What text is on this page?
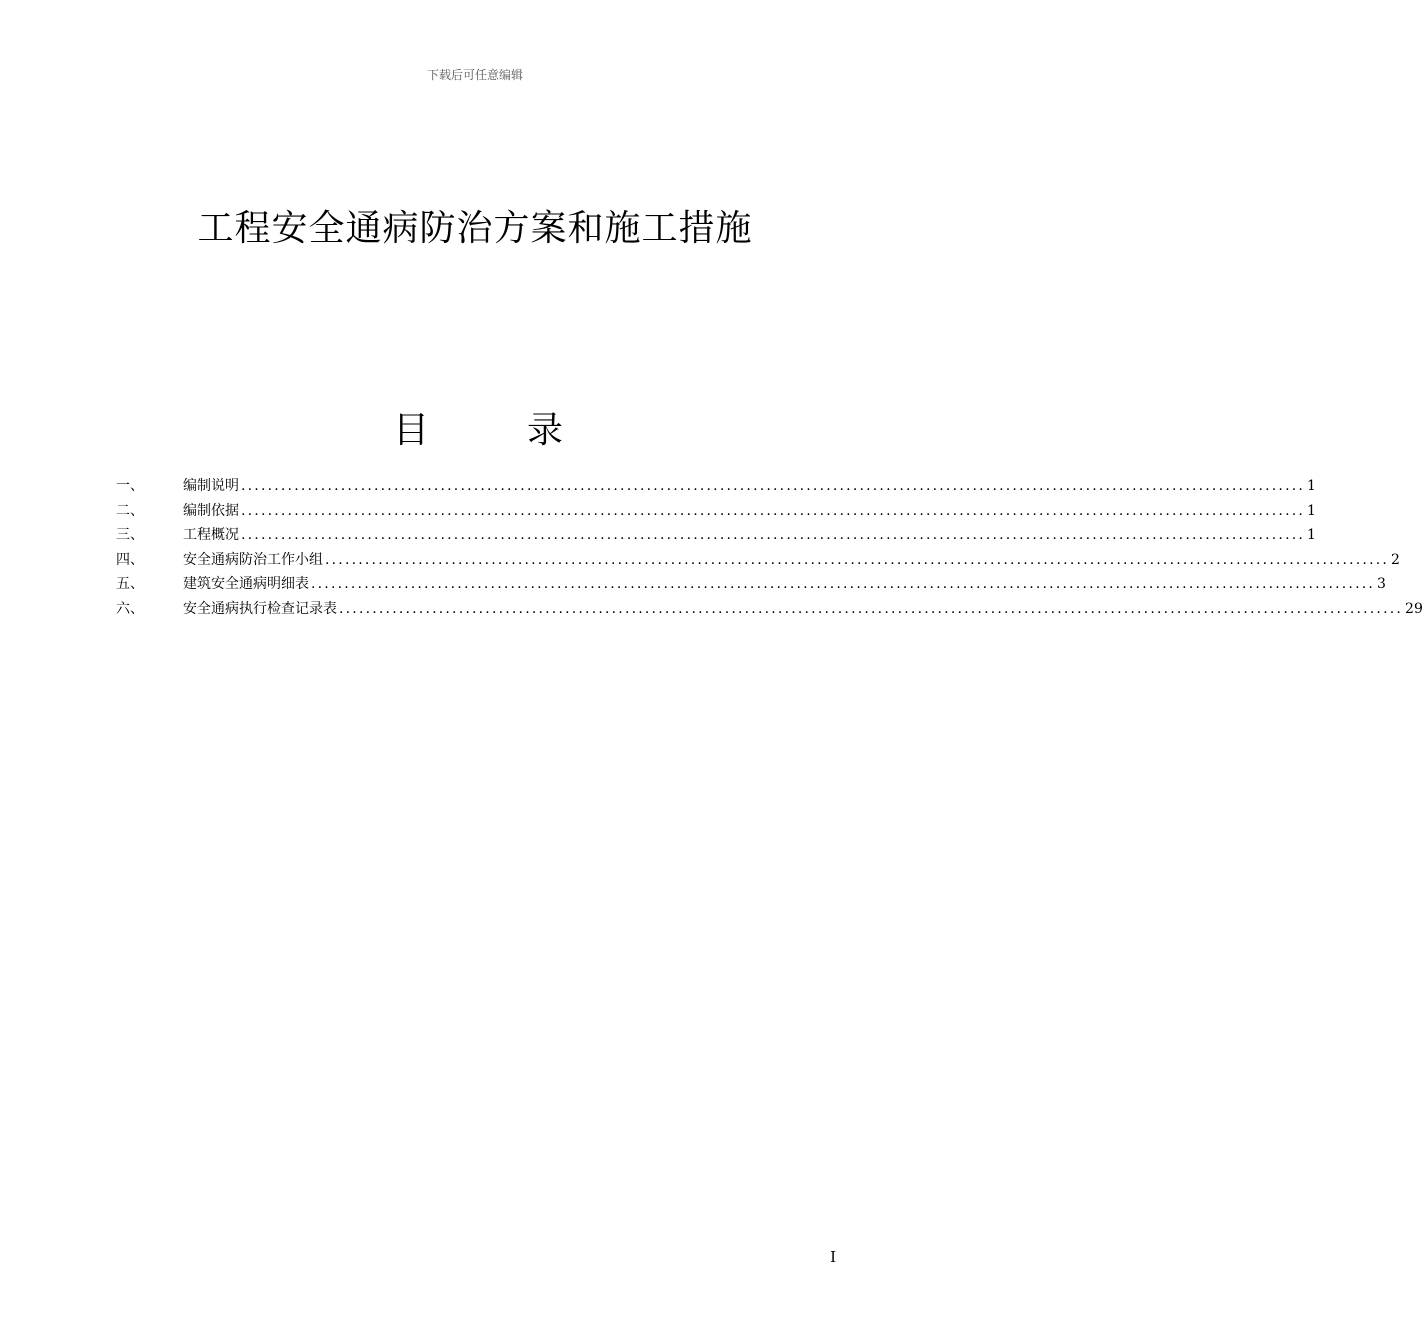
下载后可任意编辑
工程安全通病防治方案和施工措施
目	录
一、	编制说明 ................................................................................................................................................................ 1
二、	编制依据 ................................................................................................................................................................ 1
三、	工程概况 ................................................................................................................................................................ 1
四、	安全通病防治工作小组 ................................................................................................................................................................ 2
五、	建筑安全通病明细表 ................................................................................................................................................................ 3
六、	安全通病执行检查记录表 ................................................................................................................................................................ 29
I
